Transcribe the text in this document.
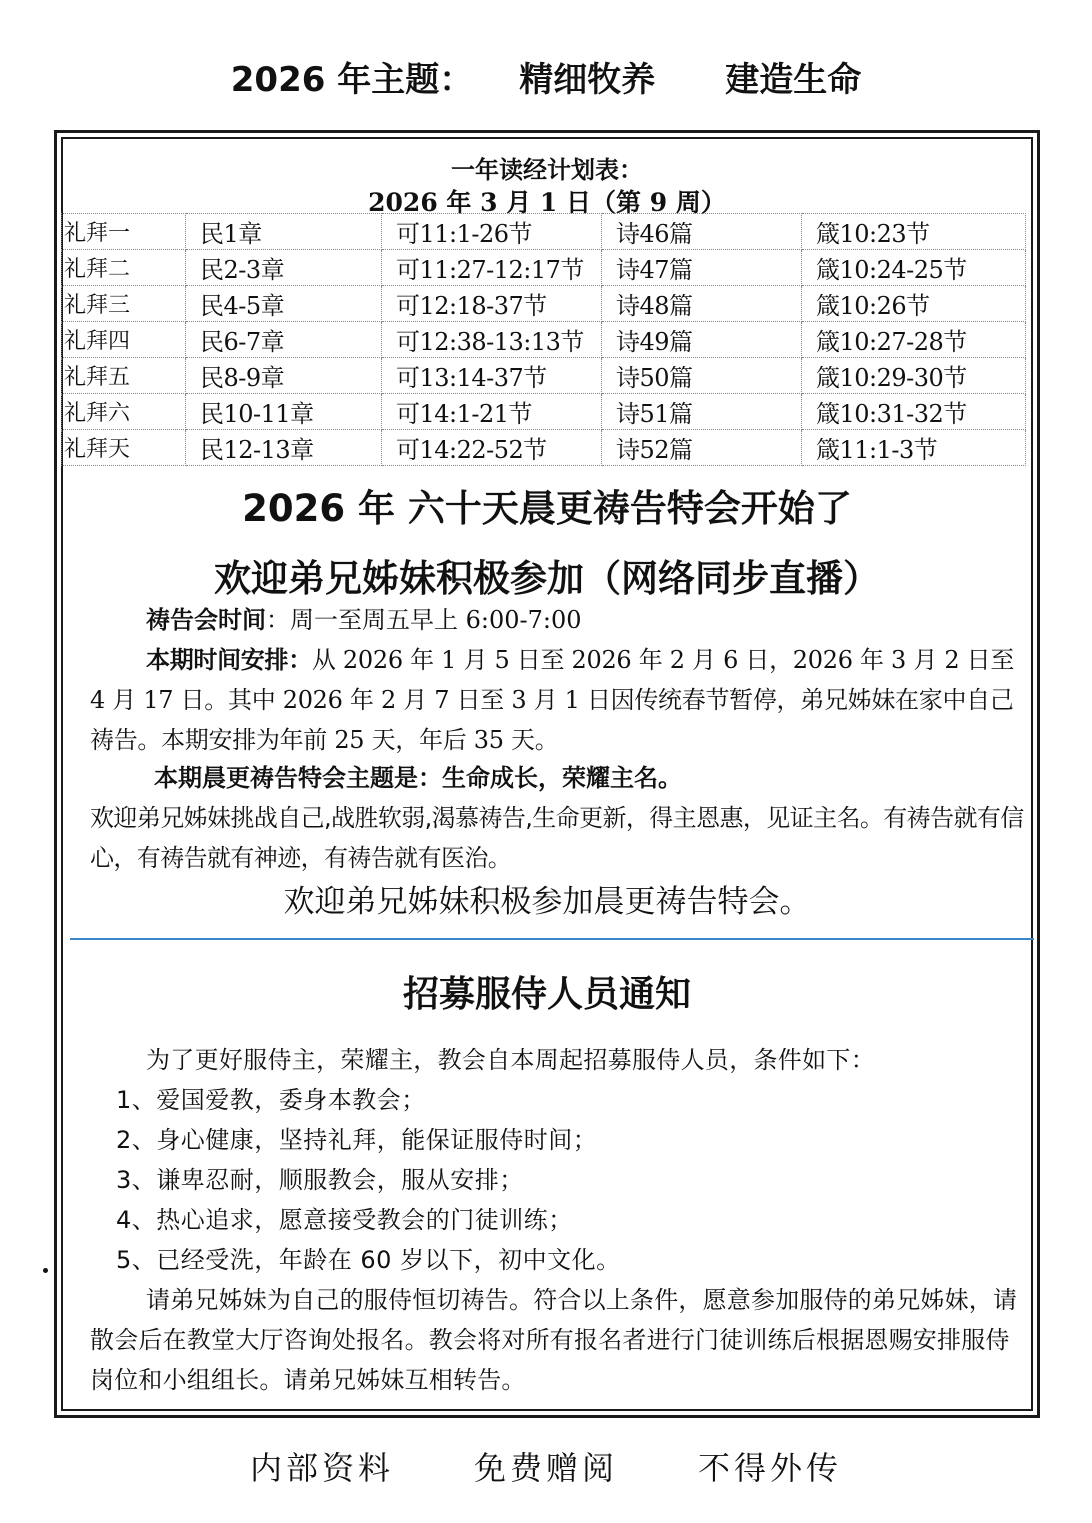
2026 年主题： 精细牧养 建造生命
一年读经计划表：
2026 年 3 月 1 日（第 9 周）
礼拜一	民1章	可11:1-26节	诗46篇	箴10:23节
礼拜二	民2-3章	可11:27-12:17节	诗47篇	箴10:24-25节
礼拜三	民4-5章	可12:18-37节	诗48篇	箴10:26节
礼拜四	民6-7章	可12:38-13:13节	诗49篇	箴10:27-28节
礼拜五	民8-9章	可13:14-37节	诗50篇	箴10:29-30节
礼拜六	民10-11章	可14:1-21节	诗51篇	箴10:31-32节
礼拜天	民12-13章	可14:22-52节	诗52篇	箴11:1-3节
2026 年 六十天晨更祷告特会开始了
欢迎弟兄姊妹积极参加（网络同步直播）
祷告会时间：周一至周五早上 6:00-7:00
本期时间安排：从 2026 年 1 月 5 日至 2026 年 2 月 6 日，2026 年 3 月 2 日至 4 月 17 日。其中 2026 年 2 月 7 日至 3 月 1 日因传统春节暂停，弟兄姊妹在家中自己祷告。本期安排为年前 25 天，年后 35 天。
本期晨更祷告特会主题是：生命成长，荣耀主名。
欢迎弟兄姊妹挑战自己,战胜软弱,渴慕祷告,生命更新，得主恩惠，见证主名。有祷告就有信心，有祷告就有神迹，有祷告就有医治。
欢迎弟兄姊妹积极参加晨更祷告特会。
招募服侍人员通知
为了更好服侍主，荣耀主，教会自本周起招募服侍人员，条件如下：
1、爱国爱教，委身本教会；
2、身心健康，坚持礼拜，能保证服侍时间；
3、谦卑忍耐，顺服教会，服从安排；
4、热心追求，愿意接受教会的门徒训练；
5、已经受洗，年龄在 60 岁以下，初中文化。
请弟兄姊妹为自己的服侍恒切祷告。符合以上条件，愿意参加服侍的弟兄姊妹，请散会后在教堂大厅咨询处报名。教会将对所有报名者进行门徒训练后根据恩赐安排服侍岗位和小组组长。请弟兄姊妹互相转告。
内部资料	免费赠阅	不得外传
